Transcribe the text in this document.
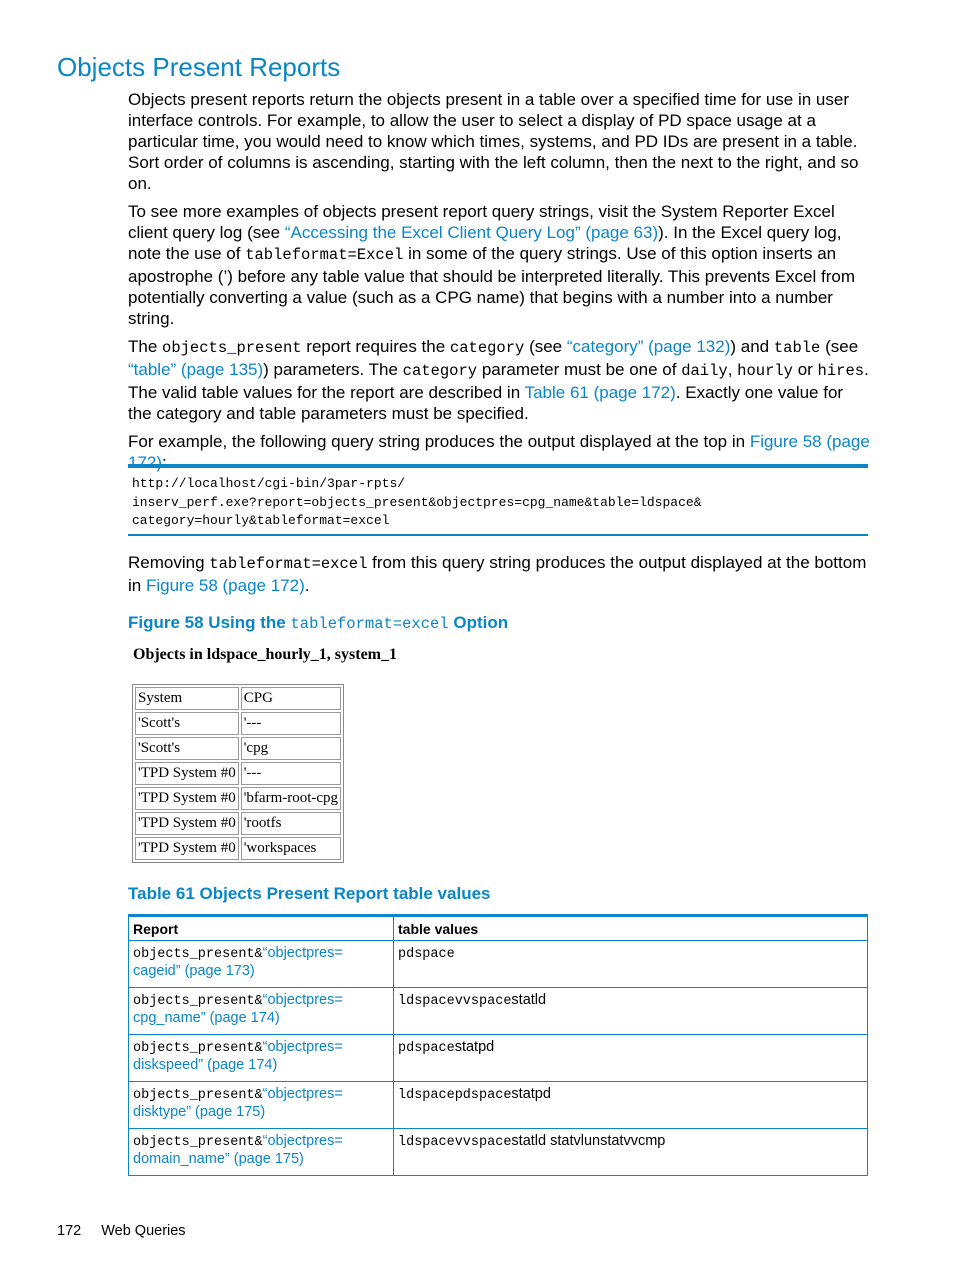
Objects Present Reports

Objects present reports return the objects present in a table over a specified time for use in user interface controls. For example, to allow the user to select a display of PD space usage at a particular time, you would need to know which times, systems, and PD IDs are present in a table. Sort order of columns is ascending, starting with the left column, then the next to the right, and so on.

To see more examples of objects present report query strings, visit the System Reporter Excel client query log (see “Accessing the Excel Client Query Log” (page 63)). In the Excel query log, note the use of tableformat=Excel in some of the query strings. Use of this option inserts an apostrophe (’) before any table value that should be interpreted literally. This prevents Excel from potentially converting a value (such as a CPG name) that begins with a number into a number string.

The objects_present report requires the category (see “category” (page 132)) and table (see “table” (page 135)) parameters. The category parameter must be one of daily, hourly or hires. The valid table values for the report are described in Table 61 (page 172). Exactly one value for the category and table parameters must be specified.

For example, the following query string produces the output displayed at the top in Figure 58 (page 172):

http://localhost/cgi-bin/3par-rpts/
inserv_perf.exe?report=objects_present&objectpres=cpg_name&table=ldspace&
category=hourly&tableformat=excel

Removing tableformat=excel from this query string produces the output displayed at the bottom in Figure 58 (page 172).

Figure 58 Using the tableformat=excel Option
Objects in ldspace_hourly_1, system_1
System	CPG
'Scott's	'---
'Scott's	'cpg
'TPD System #0	'---
'TPD System #0	'bfarm-root-cpg
'TPD System #0	'rootfs
'TPD System #0	'workspaces
Table 61 Objects Present Report table values
Report	table values
objects_present&“objectpres= cageid” (page 173)	pdspace
objects_present&“objectpres= cpg_name” (page 174)	ldspacevvspacestatld
objects_present&“objectpres= diskspeed” (page 174)	pdspacestatpd
objects_present&“objectpres= disktype” (page 175)	ldspacepdspacestatpd
objects_present&“objectpres= domain_name” (page 175)	ldspacevvspacestatld statvlunstatvvcmp
172 Web Queries
